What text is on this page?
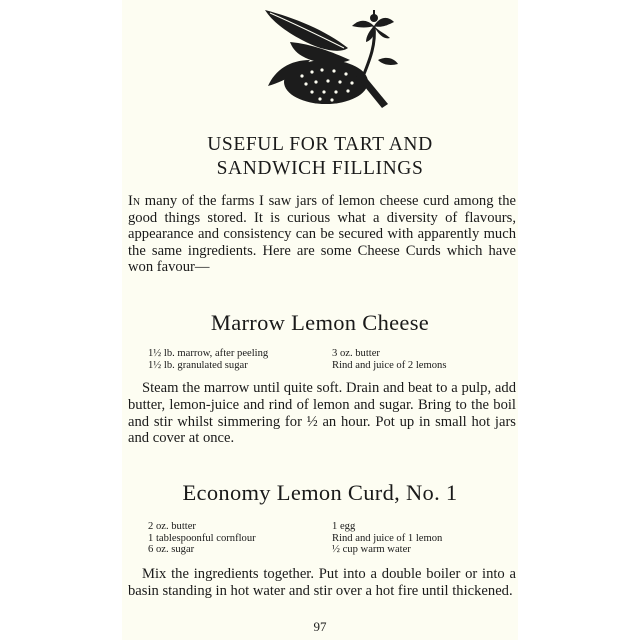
USEFUL FOR TART AND
SANDWICH FILLINGS

In many of the farms I saw jars of lemon cheese curd among the good things stored. It is curious what a diversity of flavours, appearance and consistency can be secured with apparently much the same ingredients. Here are some Cheese Curds which have won favour—

Marrow Lemon Cheese
1½ lb. marrow, after peeling	3 oz. butter
1½ lb. granulated sugar	Rind and juice of 2 lemons

Steam the marrow until quite soft. Drain and beat to a pulp, add butter, lemon-juice and rind of lemon and sugar. Bring to the boil and stir whilst simmering for ½ an hour. Pot up in small hot jars and cover at once.

Economy Lemon Curd, No. 1
2 oz. butter	1 egg
1 tablespoonful cornflour	Rind and juice of 1 lemon
6 oz. sugar	½ cup warm water

Mix the ingredients together. Put into a double boiler or into a basin standing in hot water and stir over a hot fire until thickened.

97
